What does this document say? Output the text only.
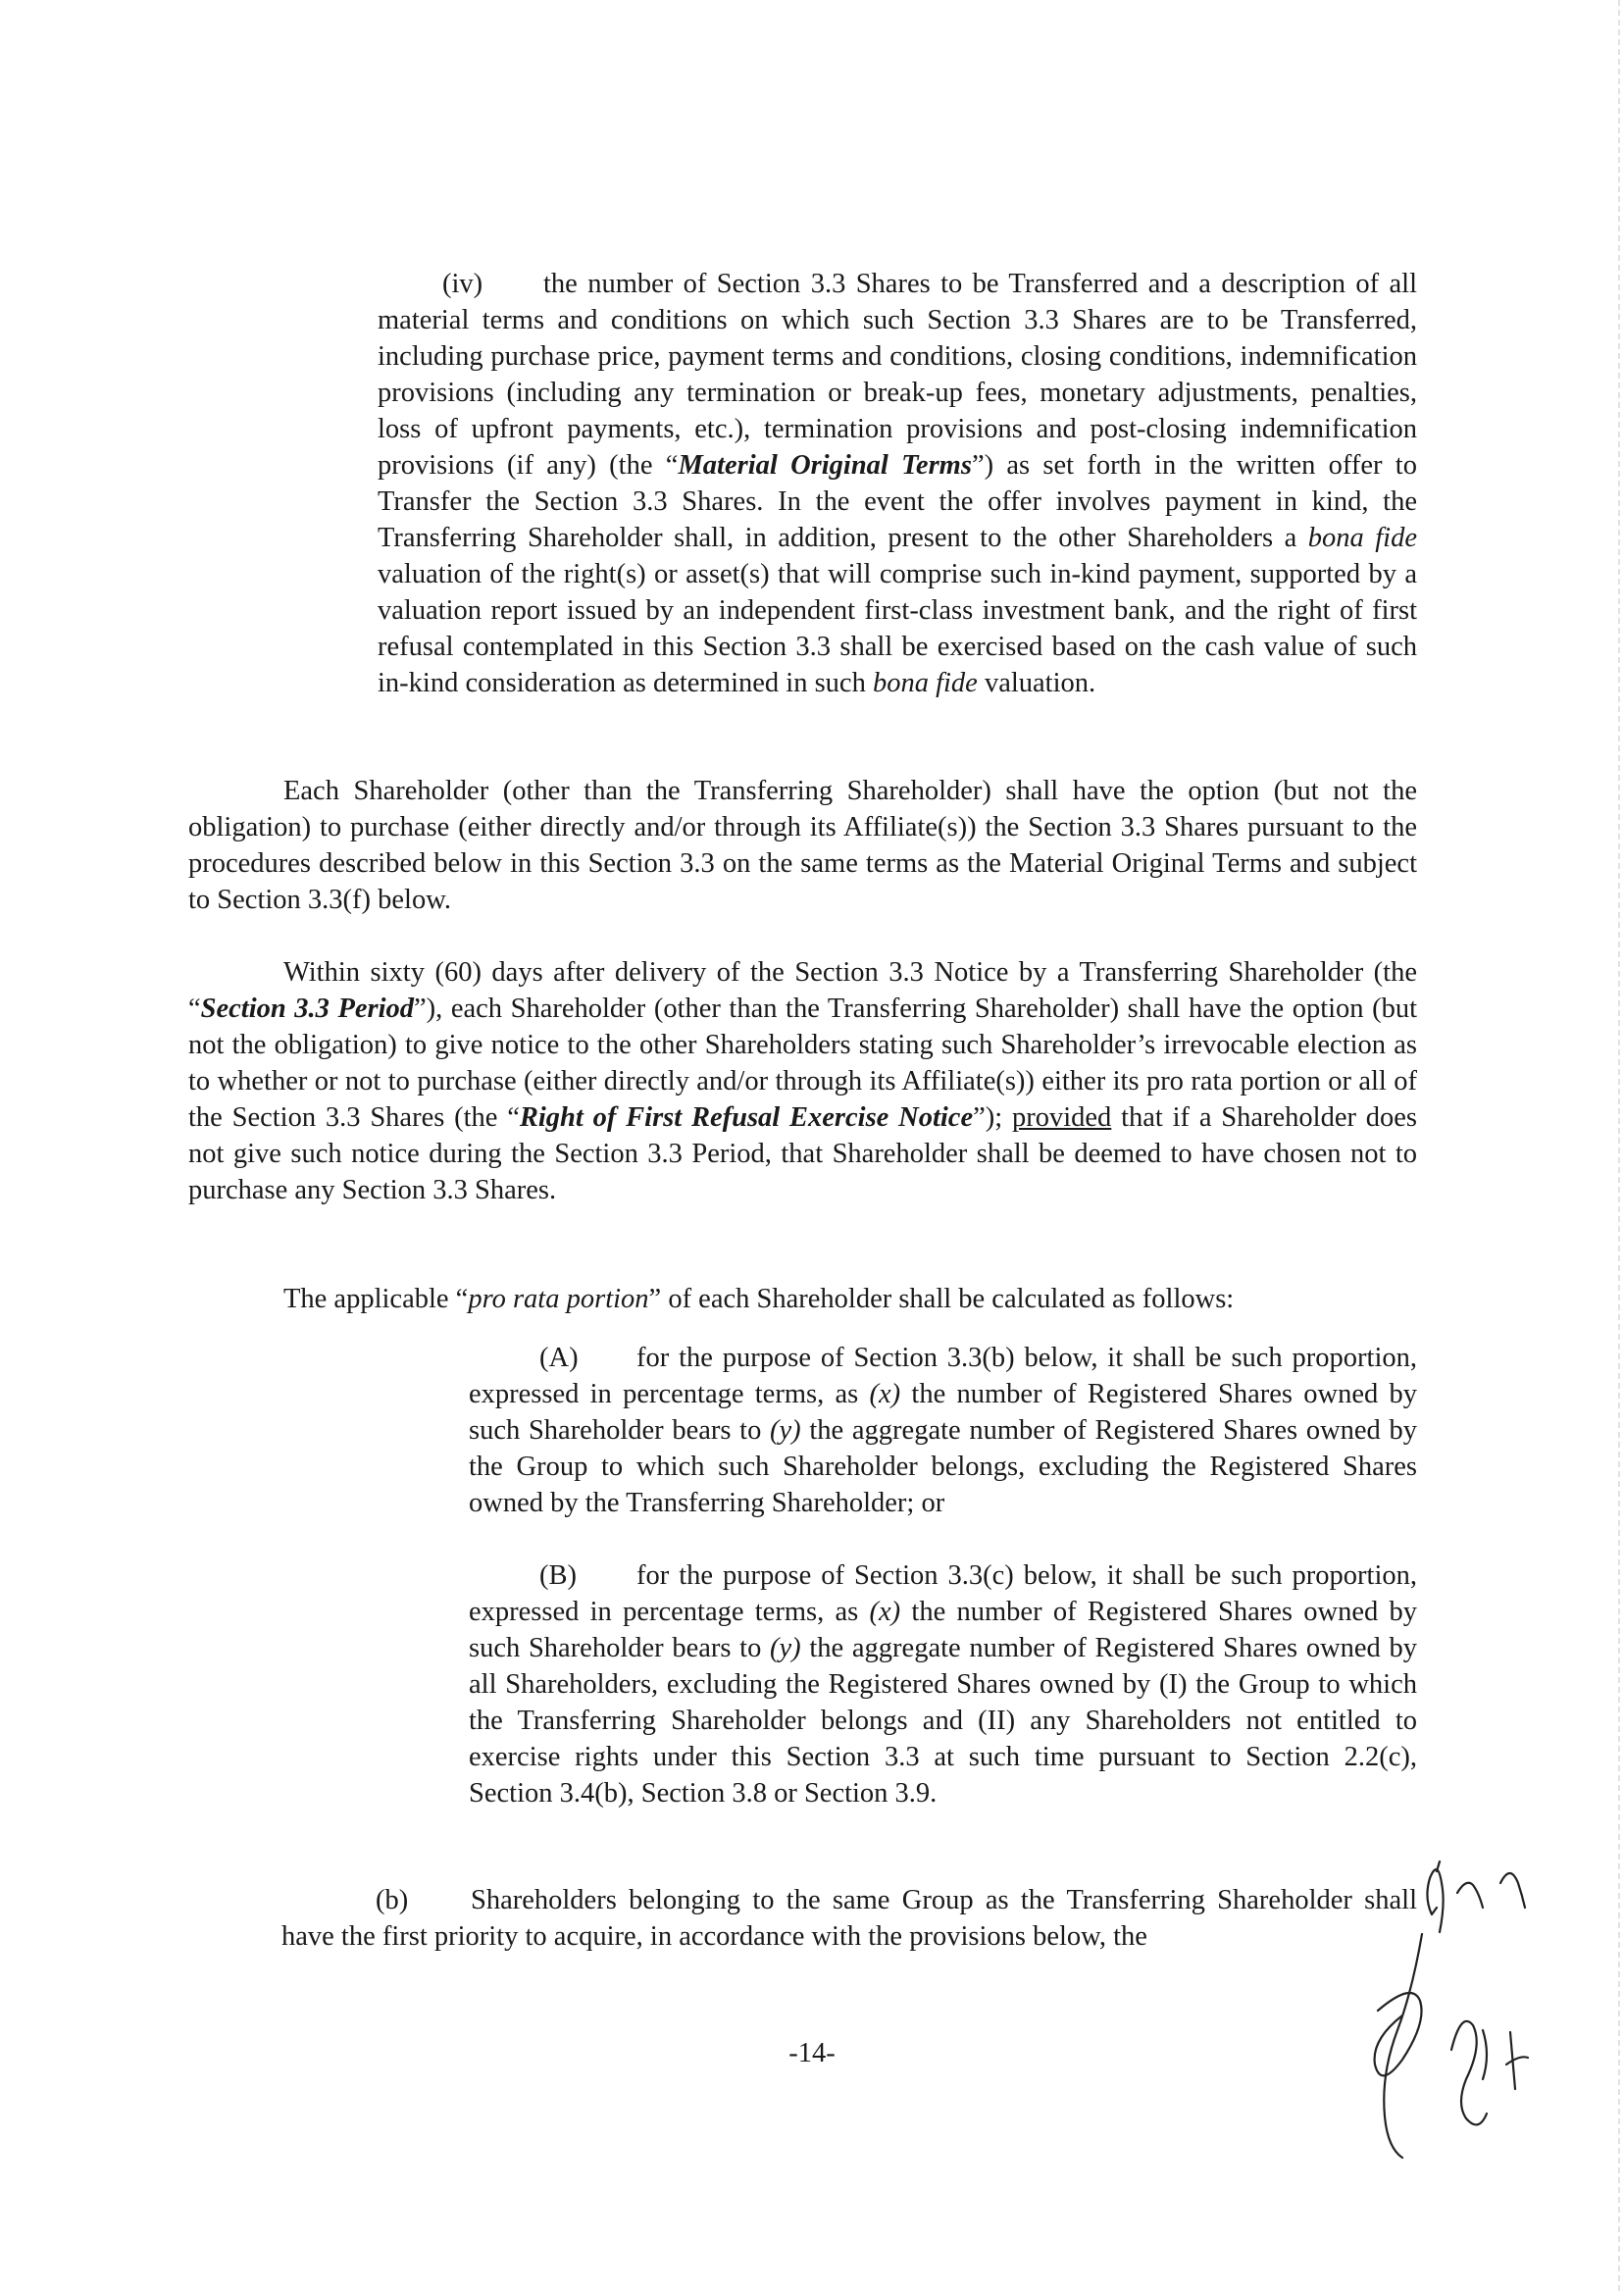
(iv) the number of Section 3.3 Shares to be Transferred and a description of all material terms and conditions on which such Section 3.3 Shares are to be Transferred, including purchase price, payment terms and conditions, closing conditions, indemnification provisions (including any termination or break-up fees, monetary adjustments, penalties, loss of upfront payments, etc.), termination provisions and post-closing indemnification provisions (if any) (the “Material Original Terms”) as set forth in the written offer to Transfer the Section 3.3 Shares. In the event the offer involves payment in kind, the Transferring Shareholder shall, in addition, present to the other Shareholders a bona fide valuation of the right(s) or asset(s) that will comprise such in-kind payment, supported by a valuation report issued by an independent first-class investment bank, and the right of first refusal contemplated in this Section 3.3 shall be exercised based on the cash value of such in-kind consideration as determined in such bona fide valuation.

Each Shareholder (other than the Transferring Shareholder) shall have the option (but not the obligation) to purchase (either directly and/or through its Affiliate(s)) the Section 3.3 Shares pursuant to the procedures described below in this Section 3.3 on the same terms as the Material Original Terms and subject to Section 3.3(f) below.

Within sixty (60) days after delivery of the Section 3.3 Notice by a Transferring Shareholder (the “Section 3.3 Period”), each Shareholder (other than the Transferring Shareholder) shall have the option (but not the obligation) to give notice to the other Shareholders stating such Shareholder’s irrevocable election as to whether or not to purchase (either directly and/or through its Affiliate(s)) either its pro rata portion or all of the Section 3.3 Shares (the “Right of First Refusal Exercise Notice”); provided that if a Shareholder does not give such notice during the Section 3.3 Period, that Shareholder shall be deemed to have chosen not to purchase any Section 3.3 Shares.

The applicable “pro rata portion” of each Shareholder shall be calculated as follows:

(A) for the purpose of Section 3.3(b) below, it shall be such proportion, expressed in percentage terms, as (x) the number of Registered Shares owned by such Shareholder bears to (y) the aggregate number of Registered Shares owned by the Group to which such Shareholder belongs, excluding the Registered Shares owned by the Transferring Shareholder; or

(B) for the purpose of Section 3.3(c) below, it shall be such proportion, expressed in percentage terms, as (x) the number of Registered Shares owned by such Shareholder bears to (y) the aggregate number of Registered Shares owned by all Shareholders, excluding the Registered Shares owned by (I) the Group to which the Transferring Shareholder belongs and (II) any Shareholders not entitled to exercise rights under this Section 3.3 at such time pursuant to Section 2.2(c), Section 3.4(b), Section 3.8 or Section 3.9.

(b) Shareholders belonging to the same Group as the Transferring Shareholder shall have the first priority to acquire, in accordance with the provisions below, the

-14-
